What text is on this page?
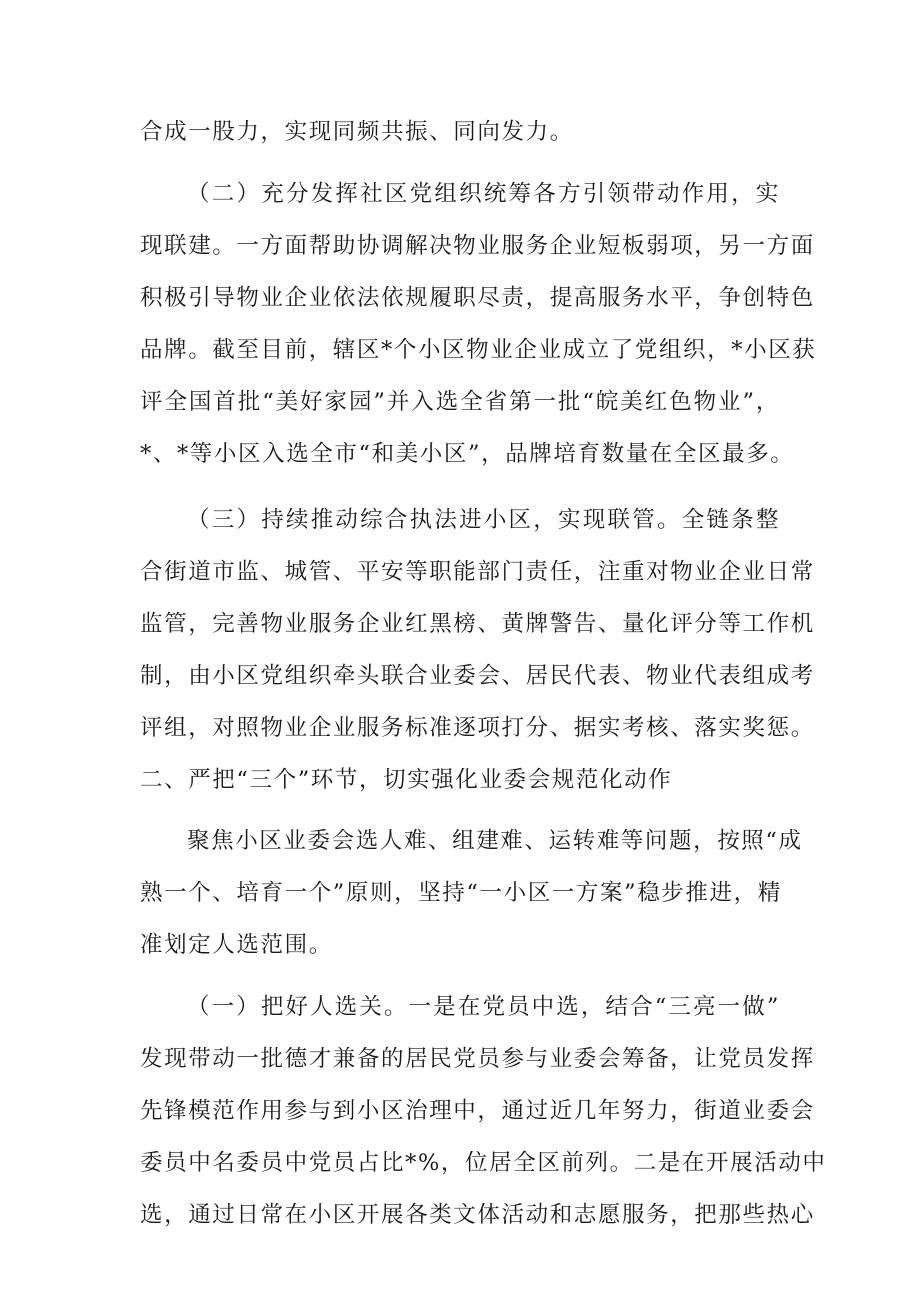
合成一股力，实现同频共振、同向发力。
（二）充分发挥社区党组织统筹各方引领带动作用，实
现联建。一方面帮助协调解决物业服务企业短板弱项，另一方面
积极引导物业企业依法依规履职尽责，提高服务水平，争创特色
品牌。截至目前，辖区*个小区物业企业成立了党组织，*小区获
评全国首批“美好家园”并入选全省第一批“皖美红色物业”，
*、*等小区入选全市“和美小区”，品牌培育数量在全区最多。
（三）持续推动综合执法进小区，实现联管。全链条整
合街道市监、城管、平安等职能部门责任，注重对物业企业日常
监管，完善物业服务企业红黑榜、黄牌警告、量化评分等工作机
制，由小区党组织牵头联合业委会、居民代表、物业代表组成考
评组，对照物业企业服务标准逐项打分、据实考核、落实奖惩。
二、严把“三个”环节，切实强化业委会规范化动作
聚焦小区业委会选人难、组建难、运转难等问题，按照“成
熟一个、培育一个”原则，坚持“一小区一方案”稳步推进，精
准划定人选范围。
（一）把好人选关。一是在党员中选，结合“三亮一做”
发现带动一批德才兼备的居民党员参与业委会筹备，让党员发挥
先锋模范作用参与到小区治理中，通过近几年努力，街道业委会
委员中名委员中党员占比*%，位居全区前列。二是在开展活动中
选，通过日常在小区开展各类文体活动和志愿服务，把那些热心
